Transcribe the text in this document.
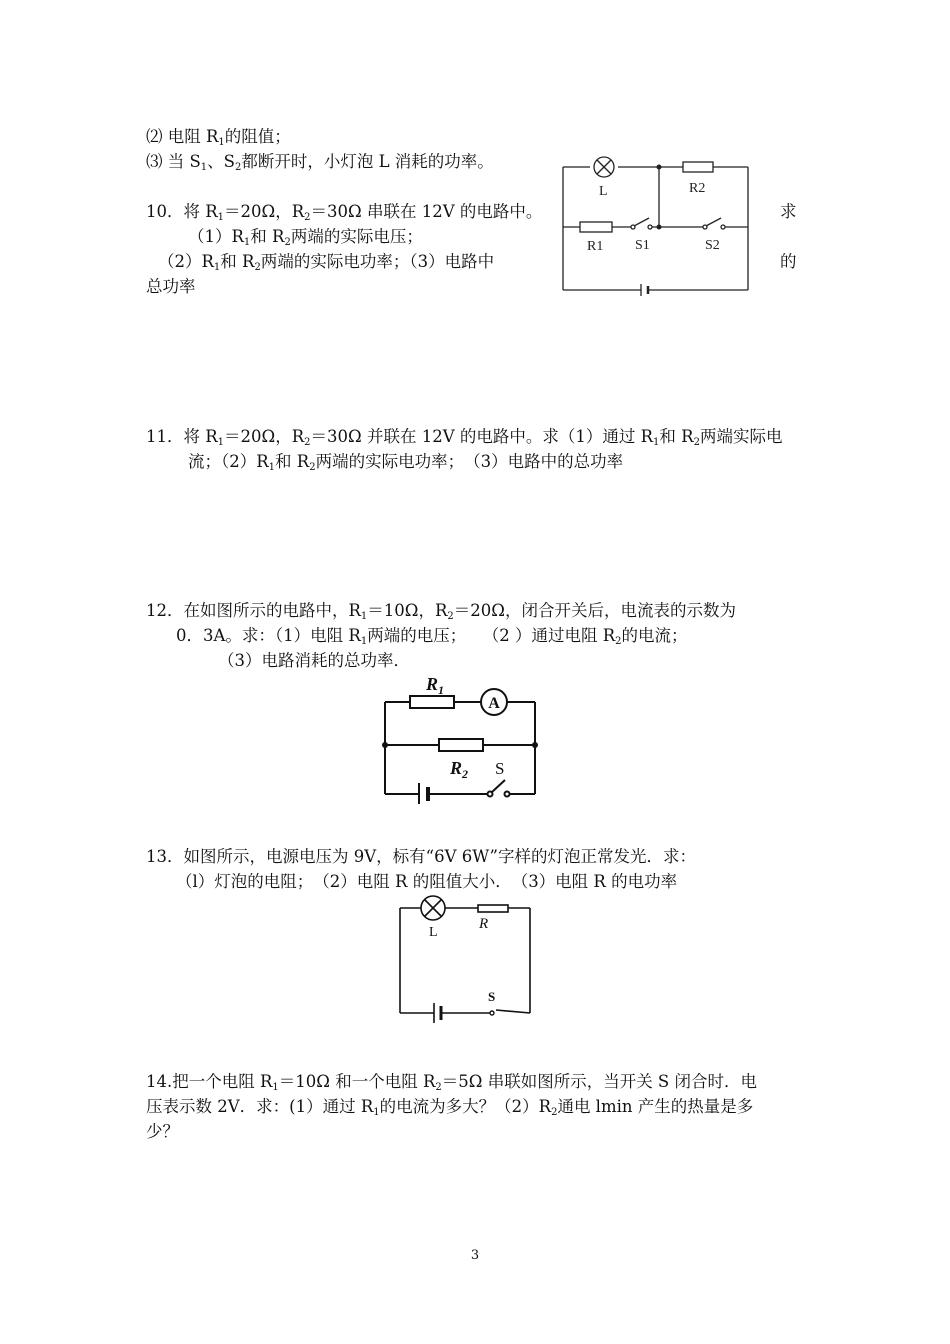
⑵ 电阻 $R_1$的阻值；
⑶ 当 $S_1$、$S_2$都断开时，小灯泡 L 消耗的功率。
10．将 $R_1=20\Omega$，$R_2=30\Omega$ 串联在 12V 的电路中。	求
$(1)R_1$和 $R_2$两端的实际电压；
$(2)R_1$和 $R_2$两端的实际电功率；（3）电路中	的
总功率
L	R2
R1 S1	S2
11．将 $R_1=20\Omega$，$R_2=30\Omega$ 并联在 12V 的电路中。求（1）通过 $R_1$和 $R_2$两端实际电
流；$(2)R_1$和 $R_2$两端的实际电功率；　（3）电路中的总功率
12．在如图所示的电路中，$R_1=10\Omega$，$R_2=20\Omega$，闭合开关后，电流表的示数为
0．3A。求：（1）电阻 $R_1$两端的电压；　　（2 ）通过电阻 $R_2$的电流；
（3）电路消耗的总功率．
A
$R_1$
$R_2$ S
13．如图所示，电源电压为 9V，标有“6V 6W”字样的灯泡正常发光．求：
（l）灯泡的电阻；　（2）电阻 R 的阻值大小．　（3）电阻 R 的电功率
L
R
S
14.把一个电阻 $R_1=10\Omega$ 和一个电阻 $R_2=5\Omega$ 串联如图所示，当开关 S 闭合时．电
压表示数 2V．求：(1）通过 $R_1$的电流为多大？$(2)R_2$通电 lmin 产生的热量是多
少？
3
